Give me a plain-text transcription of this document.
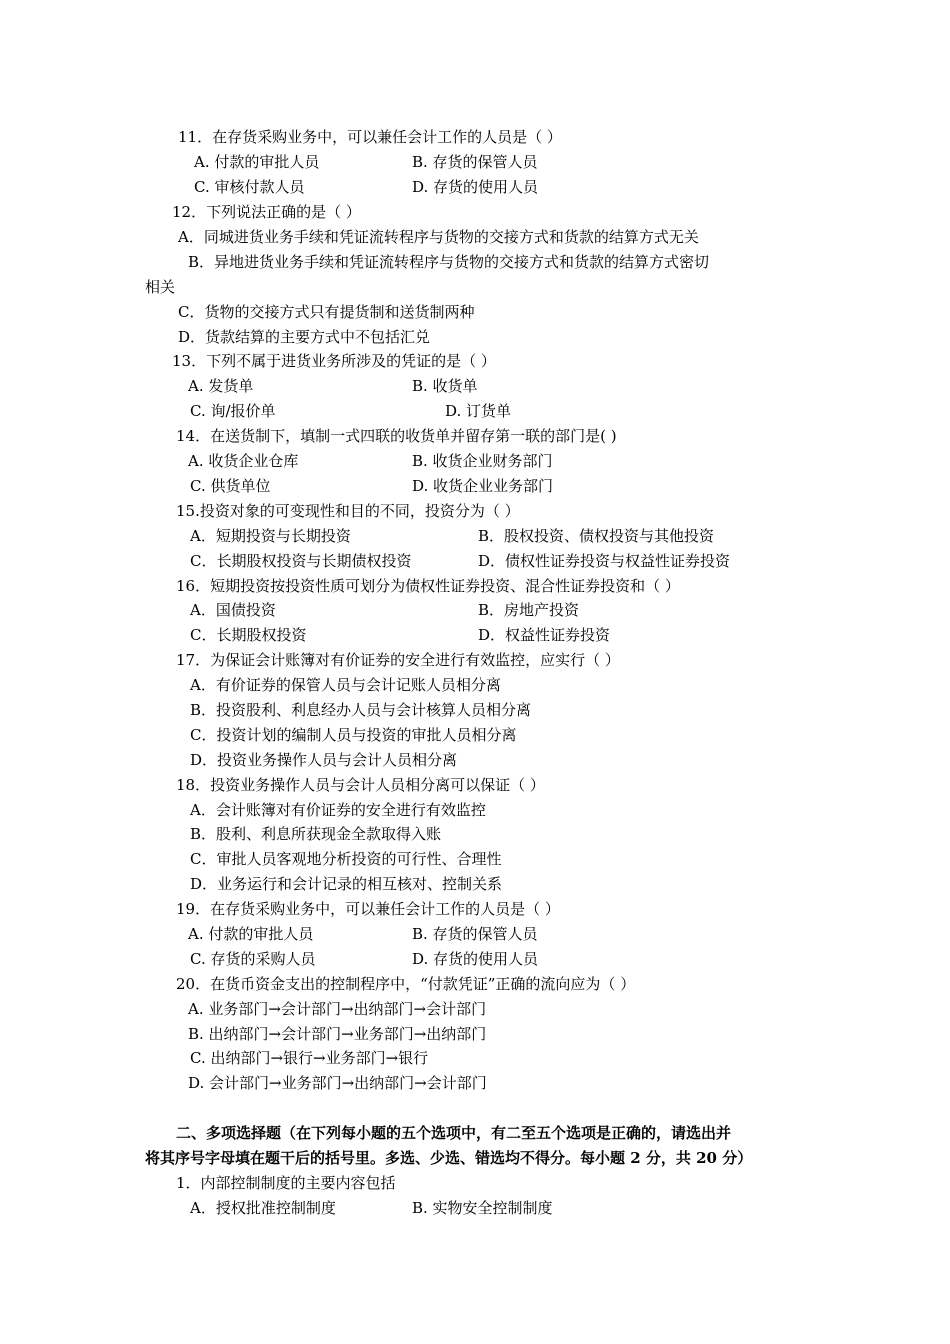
11．在存货采购业务中，可以兼任会计工作的人员是（ ）
A. 付款的审批人员	B. 存货的保管人员
C. 审核付款人员	D. 存货的使用人员
12．下列说法正确的是（ ）
A．同城进货业务手续和凭证流转程序与货物的交接方式和货款的结算方式无关
B．异地进货业务手续和凭证流转程序与货物的交接方式和货款的结算方式密切
相关
C．货物的交接方式只有提货制和送货制两种
D．货款结算的主要方式中不包括汇兑
13．下列不属于进货业务所涉及的凭证的是（ ）
A. 发货单	B. 收货单
C. 询/报价单	D. 订货单
14．在送货制下，填制一式四联的收货单并留存第一联的部门是( )
A. 收货企业仓库	B. 收货企业财务部门
C. 供货单位	D. 收货企业业务部门
15.投资对象的可变现性和目的不同，投资分为（ ）
A．短期投资与长期投资	B．股权投资、债权投资与其他投资
C．长期股权投资与长期债权投资	D．债权性证券投资与权益性证券投资
16．短期投资按投资性质可划分为债权性证券投资、混合性证券投资和（ ）
A．国债投资	B．房地产投资
C．长期股权投资	D．权益性证券投资
17．为保证会计账簿对有价证券的安全进行有效监控，应实行（ ）
A．有价证券的保管人员与会计记账人员相分离
B．投资股利、利息经办人员与会计核算人员相分离
C．投资计划的编制人员与投资的审批人员相分离
D．投资业务操作人员与会计人员相分离
18．投资业务操作人员与会计人员相分离可以保证（ ）
A．会计账簿对有价证券的安全进行有效监控
B．股利、利息所获现金全款取得入账
C．审批人员客观地分析投资的可行性、合理性
D．业务运行和会计记录的相互核对、控制关系
19．在存货采购业务中，可以兼任会计工作的人员是（ ）
A. 付款的审批人员	B. 存货的保管人员
C. 存货的采购人员	D. 存货的使用人员
20．在货币资金支出的控制程序中，“付款凭证”正确的流向应为（ ）
A. 业务部门→会计部门→出纳部门→会计部门
B. 出纳部门→会计部门→业务部门→出纳部门
C. 出纳部门→银行→业务部门→银行
D. 会计部门→业务部门→出纳部门→会计部门
二、多项选择题（在下列每小题的五个选项中，有二至五个选项是正确的，请选出并
将其序号字母填在题干后的括号里。多选、少选、错选均不得分。每小题 2 分，共 20 分）
1．内部控制制度的主要内容包括
A．授权批准控制制度	B. 实物安全控制制度
